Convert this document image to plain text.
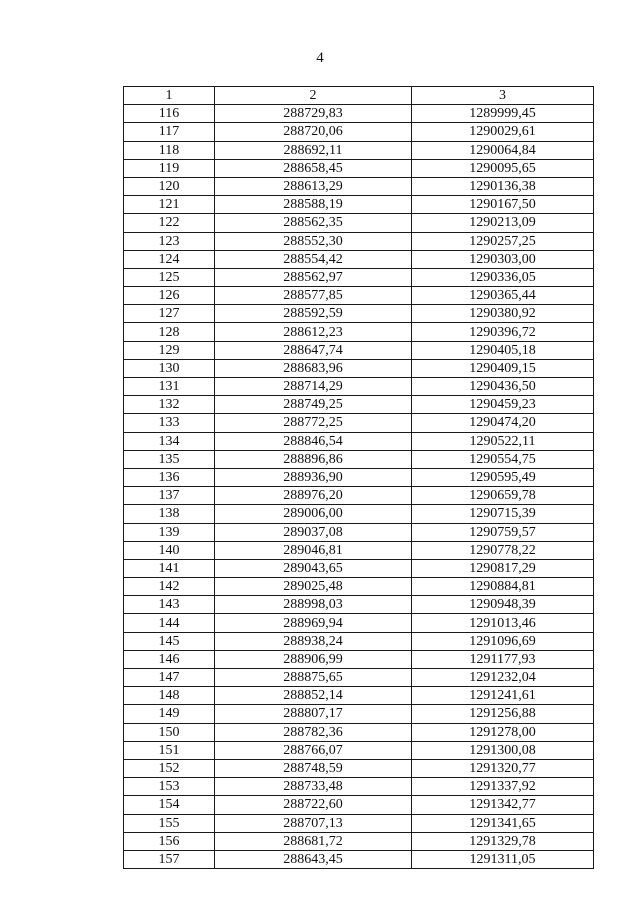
4
1	2	3
116	288729,83	1289999,45
117	288720,06	1290029,61
118	288692,11	1290064,84
119	288658,45	1290095,65
120	288613,29	1290136,38
121	288588,19	1290167,50
122	288562,35	1290213,09
123	288552,30	1290257,25
124	288554,42	1290303,00
125	288562,97	1290336,05
126	288577,85	1290365,44
127	288592,59	1290380,92
128	288612,23	1290396,72
129	288647,74	1290405,18
130	288683,96	1290409,15
131	288714,29	1290436,50
132	288749,25	1290459,23
133	288772,25	1290474,20
134	288846,54	1290522,11
135	288896,86	1290554,75
136	288936,90	1290595,49
137	288976,20	1290659,78
138	289006,00	1290715,39
139	289037,08	1290759,57
140	289046,81	1290778,22
141	289043,65	1290817,29
142	289025,48	1290884,81
143	288998,03	1290948,39
144	288969,94	1291013,46
145	288938,24	1291096,69
146	288906,99	1291177,93
147	288875,65	1291232,04
148	288852,14	1291241,61
149	288807,17	1291256,88
150	288782,36	1291278,00
151	288766,07	1291300,08
152	288748,59	1291320,77
153	288733,48	1291337,92
154	288722,60	1291342,77
155	288707,13	1291341,65
156	288681,72	1291329,78
157	288643,45	1291311,05
